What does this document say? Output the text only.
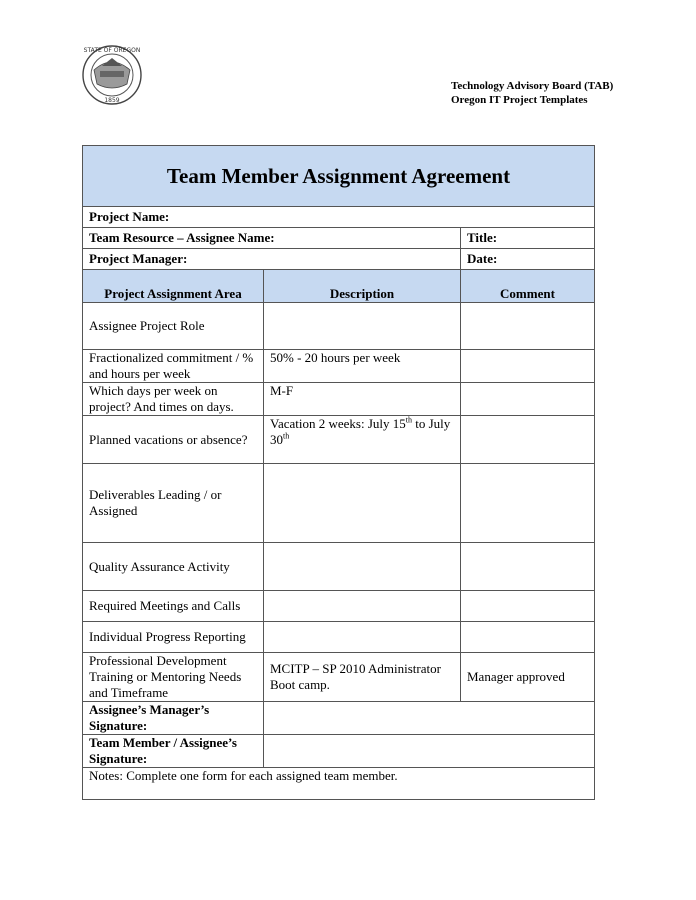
STATE OF OREGON
1859
Technology Advisory Board (TAB)
Oregon IT Project Templates
Team Member Assignment Agreement		
Project Name:		
Team Resource – Assignee Name:		Title:
Project Manager:		Date:
Project Assignment Area	Description	Comment
Assignee Project Role		
Fractionalized commitment / % and hours per week	50% - 20 hours per week	
Which days per week on project? And times on days.	M-F	
Planned vacations or absence?	Vacation 2 weeks: July 15th to July 30th	
Deliverables Leading / or Assigned		
Quality Assurance Activity		
Required Meetings and Calls		
Individual Progress Reporting		
Professional Development Training or Mentoring Needs and Timeframe	MCITP – SP 2010 Administrator Boot camp.	Manager approved
Assignee’s Manager’s Signature:		
Team Member / Assignee’s Signature:		
Notes: Complete one form for each assigned team member.		
